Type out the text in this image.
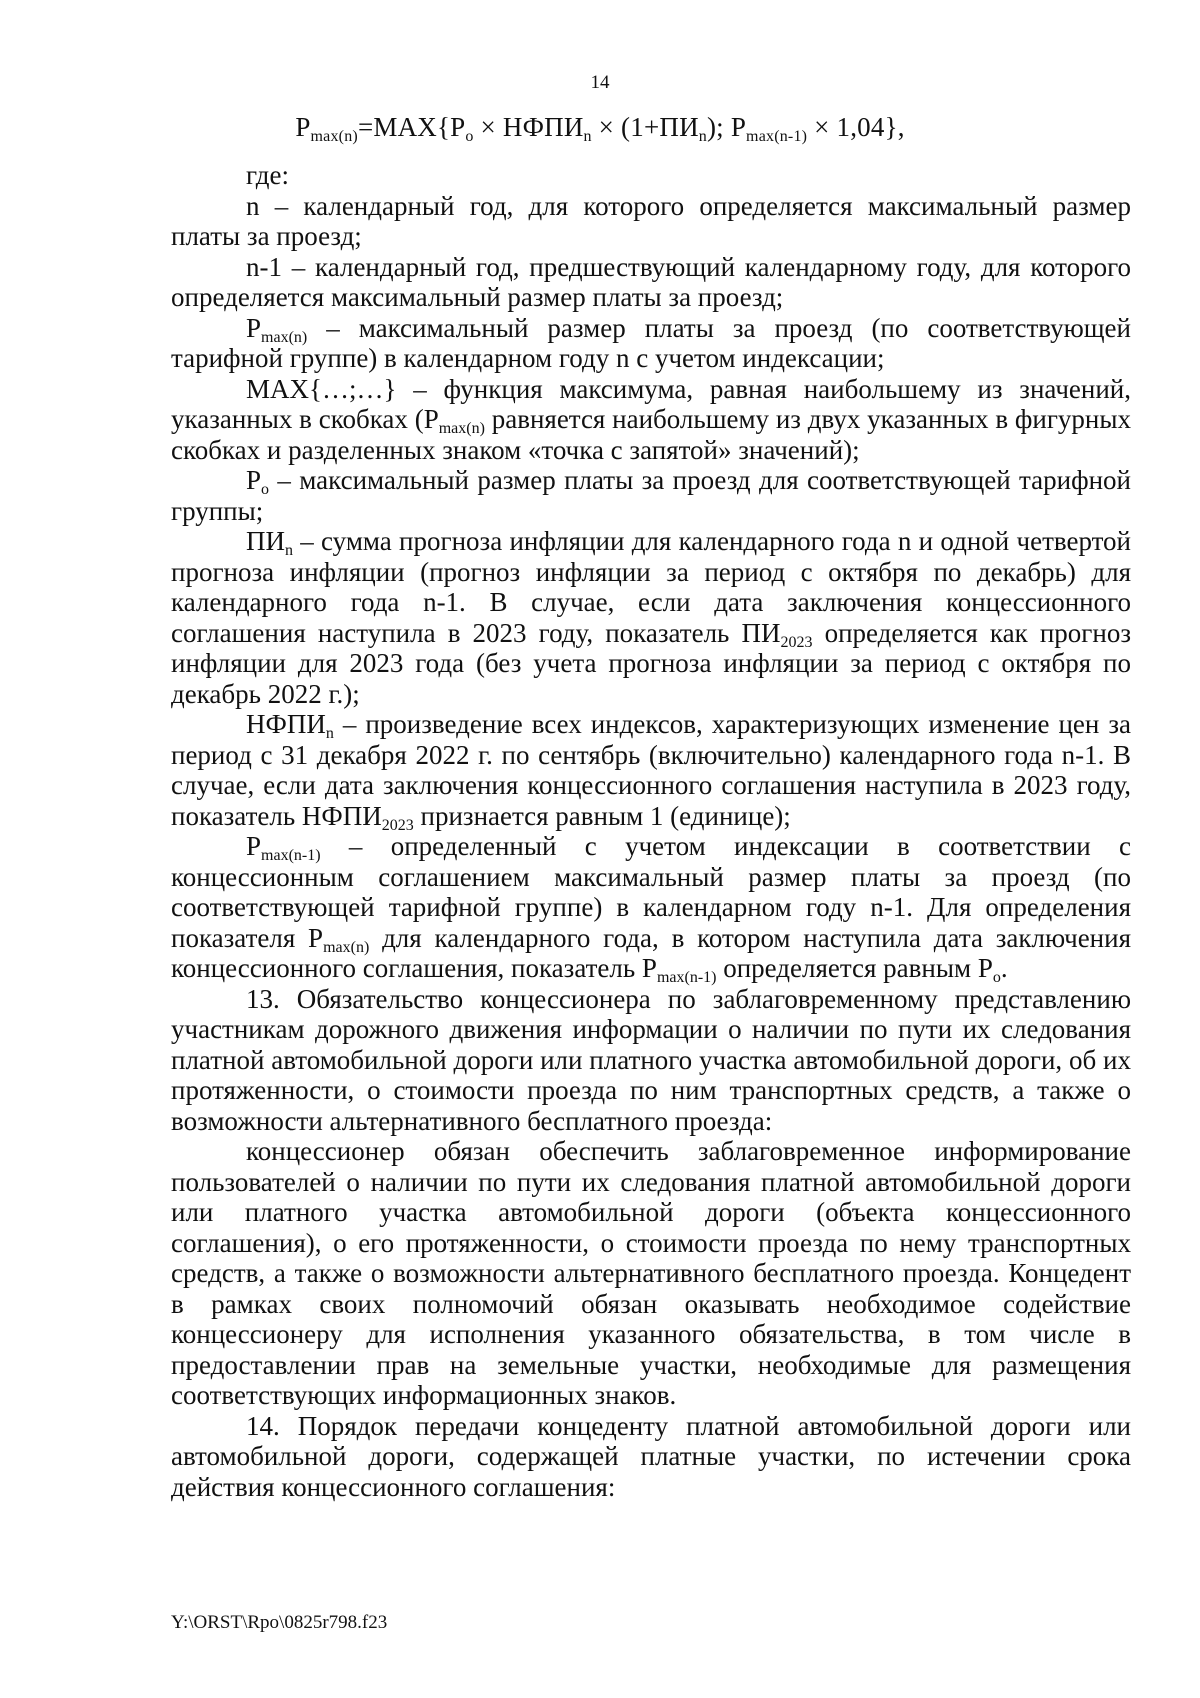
14
$P_{max(n)}=MAX\{P_o$ × $НФПИ_n \times (1+ПИ_n)$; $P_{max(n-1)} \times 1,04$},

где:

n – календарный год, для которого определяется максимальный размер платы за проезд;

n-1 – календарный год, предшествующий календарному году, для которого определяется максимальный размер платы за проезд;

$P_{max(n)}$ – максимальный размер платы за проезд (по соответствующей тарифной группе) в календарном году n с учетом индексации;

MAX{…;…} – функция максимума, равная наибольшему из значений, указанных в скобках ($P_{max(n)}$ равняется наибольшему из двух указанных в фигурных скобках и разделенных знаком «точка с запятой» значений);

$P_o$ – максимальный размер платы за проезд для соответствующей тарифной группы;

$ПИ_n$ – сумма прогноза инфляции для календарного года n и одной четвертой прогноза инфляции (прогноз инфляции за период с октября по декабрь) для календарного года n-1. В случае, если дата заключения концессионного соглашения наступила в 2023 году, показатель $ПИ_{2023}$ определяется как прогноз инфляции для 2023 года (без учета прогноза инфляции за период с октября по декабрь 2022 г.);

$НФПИ_n$ – произведение всех индексов, характеризующих изменение цен за период с 31 декабря 2022 г. по сентябрь (включительно) календарного года n-1. В случае, если дата заключения концессионного соглашения наступила в 2023 году, показатель $НФПИ_{2023}$ признается равным 1 (единице);

$P_{max(n-1)}$ – определенный с учетом индексации в соответствии с концессионным соглашением максимальный размер платы за проезд (по соответствующей тарифной группе) в календарном году n-1. Для определения показателя $P_{max(n)}$ для календарного года, в котором наступила дата заключения концессионного соглашения, показатель $P_{max(n-1)}$ определяется равным $P_o$.

13. Обязательство концессионера по заблаговременному представлению участникам дорожного движения информации о наличии по пути их следования платной автомобильной дороги или платного участка автомобильной дороги, об их протяженности, о стоимости проезда по ним транспортных средств, а также о возможности альтернативного бесплатного проезда:

концессионер обязан обеспечить заблаговременное информирование пользователей о наличии по пути их следования платной автомобильной дороги или платного участка автомобильной дороги (объекта концессионного соглашения), о его протяженности, о стоимости проезда по нему транспортных средств, а также о возможности альтернативного бесплатного проезда. Концедент в рамках своих полномочий обязан оказывать необходимое содействие концессионеру для исполнения указанного обязательства, в том числе в предоставлении прав на земельные участки, необходимые для размещения соответствующих информационных знаков.

14. Порядок передачи концеденту платной автомобильной дороги или автомобильной дороги, содержащей платные участки, по истечении срока действия концессионного соглашения:

Y:\ORST\Rpo\0825r798.f23
